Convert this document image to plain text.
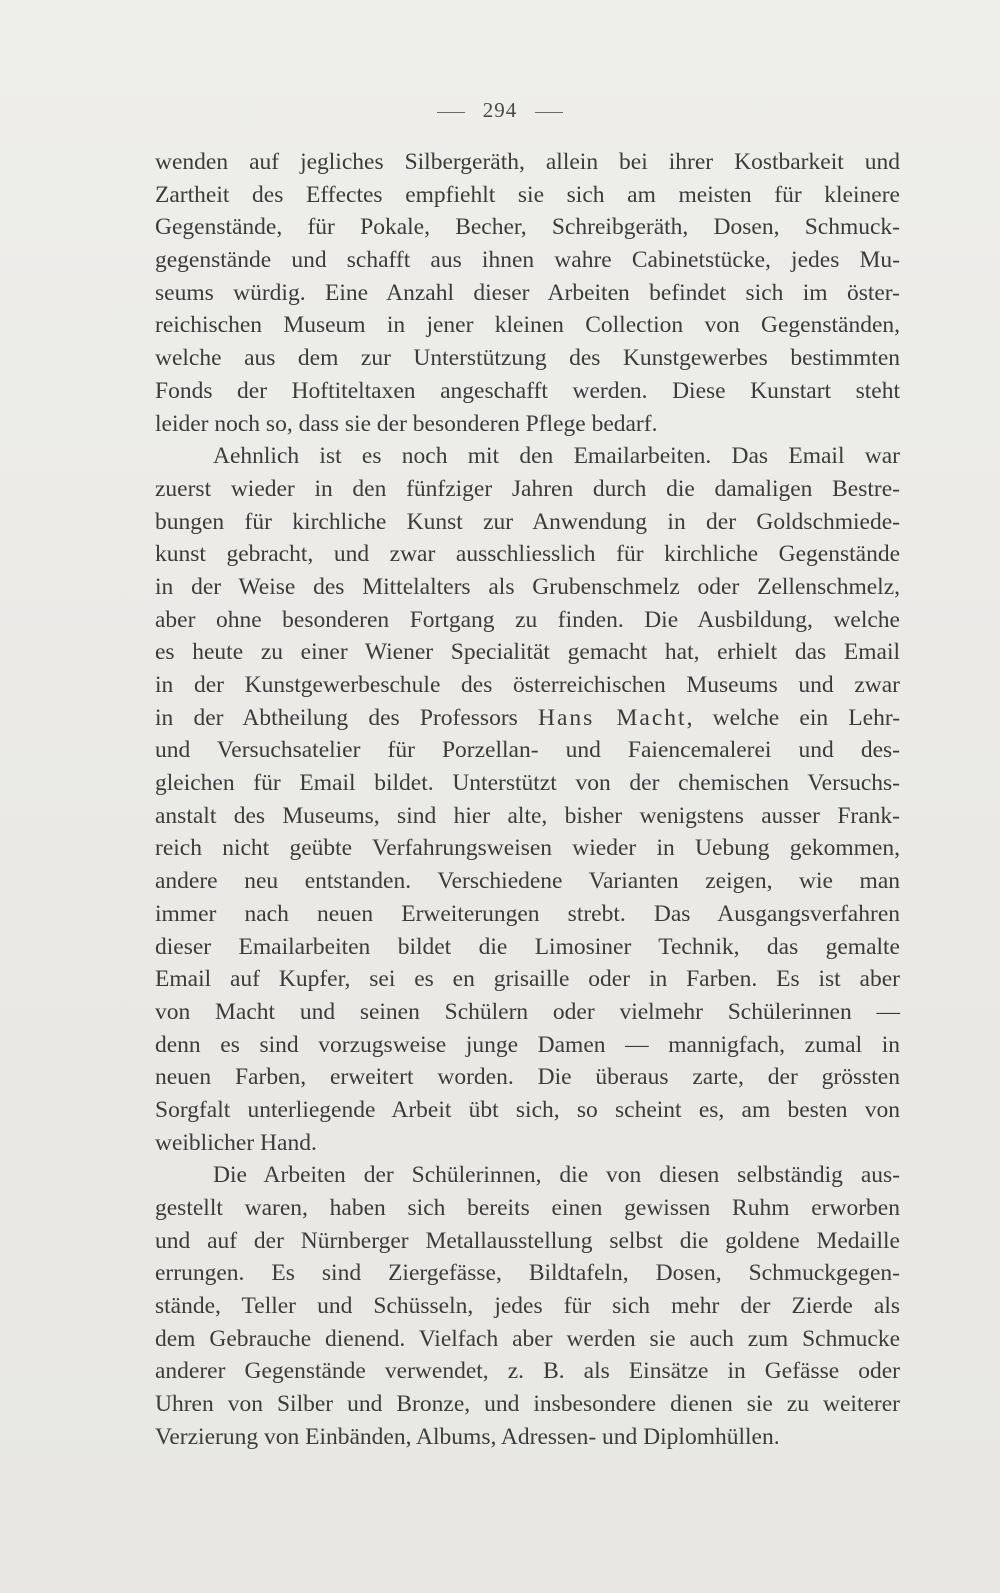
294
wenden auf jegliches Silbergeräth, allein bei ihrer Kostbarkeit und
Zartheit des Effectes empfiehlt sie sich am meisten für kleinere
Gegenstände, für Pokale, Becher, Schreibgeräth, Dosen, Schmuck-
gegenstände und schafft aus ihnen wahre Cabinetstücke, jedes Mu-
seums würdig. Eine Anzahl dieser Arbeiten befindet sich im öster-
reichischen Museum in jener kleinen Collection von Gegenständen,
welche aus dem zur Unterstützung des Kunstgewerbes bestimmten
Fonds der Hoftiteltaxen angeschafft werden. Diese Kunstart steht
leider noch so, dass sie der besonderen Pflege bedarf.
Aehnlich ist es noch mit den Emailarbeiten. Das Email war
zuerst wieder in den fünfziger Jahren durch die damaligen Bestre-
bungen für kirchliche Kunst zur Anwendung in der Goldschmiede-
kunst gebracht, und zwar ausschliesslich für kirchliche Gegenstände
in der Weise des Mittelalters als Grubenschmelz oder Zellenschmelz,
aber ohne besonderen Fortgang zu finden. Die Ausbildung, welche
es heute zu einer Wiener Specialität gemacht hat, erhielt das Email
in der Kunstgewerbeschule des österreichischen Museums und zwar
in der Abtheilung des Professors Hans Macht, welche ein Lehr-
und Versuchsatelier für Porzellan- und Faiencemalerei und des-
gleichen für Email bildet. Unterstützt von der chemischen Versuchs-
anstalt des Museums, sind hier alte, bisher wenigstens ausser Frank-
reich nicht geübte Verfahrungsweisen wieder in Uebung gekommen,
andere neu entstanden. Verschiedene Varianten zeigen, wie man
immer nach neuen Erweiterungen strebt. Das Ausgangsverfahren
dieser Emailarbeiten bildet die Limosiner Technik, das gemalte
Email auf Kupfer, sei es en grisaille oder in Farben. Es ist aber
von Macht und seinen Schülern oder vielmehr Schülerinnen —
denn es sind vorzugsweise junge Damen — mannigfach, zumal in
neuen Farben, erweitert worden. Die überaus zarte, der grössten
Sorgfalt unterliegende Arbeit übt sich, so scheint es, am besten von
weiblicher Hand.
Die Arbeiten der Schülerinnen, die von diesen selbständig aus-
gestellt waren, haben sich bereits einen gewissen Ruhm erworben
und auf der Nürnberger Metallausstellung selbst die goldene Medaille
errungen. Es sind Ziergefässe, Bildtafeln, Dosen, Schmuckgegen-
stände, Teller und Schüsseln, jedes für sich mehr der Zierde als
dem Gebrauche dienend. Vielfach aber werden sie auch zum Schmucke
anderer Gegenstände verwendet, z. B. als Einsätze in Gefässe oder
Uhren von Silber und Bronze, und insbesondere dienen sie zu weiterer
Verzierung von Einbänden, Albums, Adressen- und Diplomhüllen.
